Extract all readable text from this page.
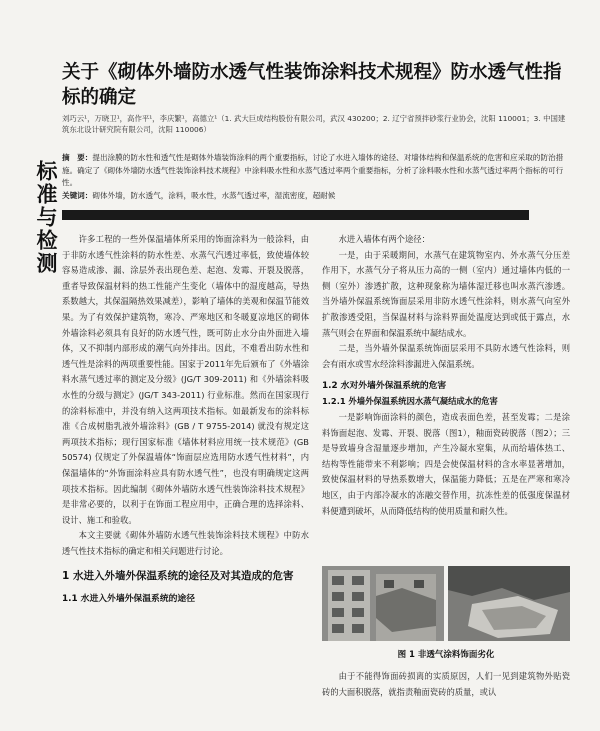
关于《砌体外墙防水透气性装饰涂料技术规程》防水透气性指标的确定
刘巧云¹，万晓卫¹，高作平¹，李庆繁¹，高德立¹（1. 武大巨成结构股份有限公司，武汉 430200；2. 辽宁省预拌砂浆行业协会，沈阳 110001；3. 中国建筑东北设计研究院有限公司，沈阳 110006）
标准与检测
摘　要：提出涂膜的防水性和透气性是砌体外墙装饰涂料的两个重要指标，讨论了水进入墙体的途径、对墙体结构和保温系统的危害和应采取的防治措施。确定了《砌体外墙防水透气性装饰涂料技术规程》中涂料吸水性和水蒸气透过率两个重要指标，分析了涂料吸水性和水蒸气透过率两个指标的可行性。
关键词：砌体外墙，防水透气，涂料，吸水性，水蒸气透过率，湿流密度，超耐候

许多工程的一些外保温墙体所采用的饰面涂料为一般涂料，由于非防水透气性涂料的防水性差、水蒸气汽透过率低，致使墙体较容易造成渗、漏、涂层外表出现色差、起泡、发霉、开裂及脱落，重者导致保温材料的热工性能产生变化（墙体中的湿度越高，导热系数越大，其保温隔热效果减差），影响了墙体的美观和保温节能效果。为了有效保护建筑物，寒冷、严寒地区和冬暖夏凉地区的砌体外墙涂料必须具有良好的防水透气性，既可防止水分由外面进入墙体，又不抑制内部形成的潮气向外排出。因此，不难看出防水性和透气性是涂料的两项重要性能。国家于2011年先后颁布了《外墙涂料水蒸气透过率的测定及分级》(JG/T 309-2011) 和《外墙涂料吸水性的分级与测定》(JG/T 343-2011) 行业标准。然而在国家现行的涂料标准中，并没有纳入这两项技术指标。如最新发布的涂料标准《合成树脂乳液外墙涂料》(GB / T 9755-2014) 就没有规定这两项技术指标；现行国家标准《墙体材料应用统一技术规范》(GB 50574) 仅规定了外保温墙体“饰面层应选用防水透气性材料”，内保温墙体的“外饰面涂料应具有防水透气性”，也没有明确规定这两项技术指标。因此编制《砌体外墙防水透气性装饰涂料技术规程》是非常必要的，以利于在饰面工程应用中，正确合理的选择涂料、设计、施工和验收。

本文主要就《砌体外墙防水透气性装饰涂料技术规程》中防水透气性技术指标的确定和相关问题进行讨论。

1 水进入外墙外保温系统的途径及对其造成的危害
1.1 水进入外墙外保温系统的途径

水进入墙体有两个途径：

一是，由于采暖期间，水蒸气在建筑物室内、外水蒸气分压差作用下，水蒸气分子将从压力高的一侧（室内）通过墙体内低的一侧（室外）渗透扩散，这种现象称为墙体湿迁移也叫水蒸汽渗透。当外墙外保温系统饰面层采用非防水透气性涂料，则水蒸气向室外扩散渗透受阻，当保温材料与涂料界面处温度达到或低于露点，水蒸气则会在界面和保温系统中凝结成水。

二是，当外墙外保温系统饰面层采用不具防水透气性涂料，则会有雨水或雪水经涂料渗漏进入保温系统。

1.2 水对外墙外保温系统的危害
1.2.1 外墙外保温系统因水蒸气凝结成水的危害

一是影响饰面涂料的颜色，造成表面色差，甚至发霉；二是涂料饰面起泡、发霉、开裂、脱落（图1），釉面瓷砖脱落（图2）；三是导致墙身含湿量逐步增加，产生冷凝水窒集，从而给墙体热工、结构等性能带来不利影响；四是会使保温材料的含水率显著增加，致使保温材料的导热系数增大，保温能力降低；五是在严寒和寒冷地区，由于内部冷凝水的冻融交替作用，抗冻性差的低强度保温材料便遭到破坏，从而降低结构的使用质量和耐久性。

图 1 非透气涂料饰面劣化

由于不能得饰面砖损离的实质原因，人们一见到建筑物外贴瓷砖的大面积脱落，就指责釉面瓷砖的质量，或认
